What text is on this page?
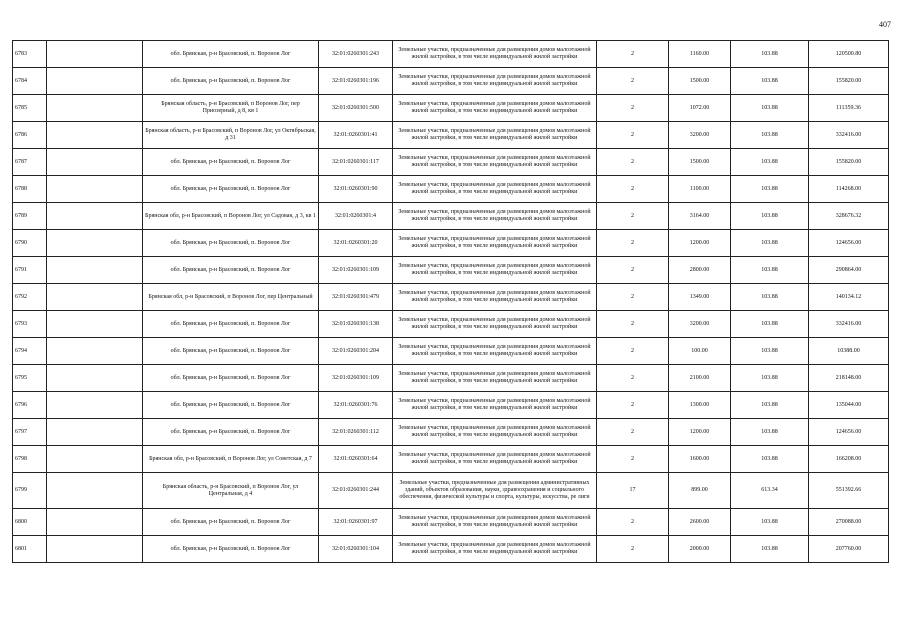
407
6783		обл. Брянская, р-н Брасовский, п. Воронов Лог	32:01:0260301:243	Земельные участки, предназначенные для размещения домов малоэтажной жилой застройки, в том числе индивидуальной жилой застройки	2	1160.00	103.88	120500.80
6784		обл. Брянская, р-н Брасовский, п. Воронов Лог	32:01:0260301:196	Земельные участки, предназначенные для размещения домов малоэтажной жилой застройки, в том числе индивидуальной жилой застройки	2	1500.00	103.88	155820.00
6785		Брянская область, р-н Брасовский, п Воронов Лог, пер Приозерный, д 8, кв 1	32:01:0260301:500	Земельные участки, предназначенные для размещения домов малоэтажной жилой застройки, в том числе индивидуальной жилой застройки	2	1072.00	103.88	111359.36
6786		Брянская область, р-н Брасовский, п Воронов Лог, ул Октябрьская, д 31	32:01:0260301:41	Земельные участки, предназначенные для размещения домов малоэтажной жилой застройки, в том числе индивидуальной жилой застройки	2	3200.00	103.88	332416.00
6787		обл. Брянская, р-н Брасовский, п. Воронов Лог	32:01:0260301:117	Земельные участки, предназначенные для размещения домов малоэтажной жилой застройки, в том числе индивидуальной жилой застройки	2	1500.00	103.88	155820.00
6788		обл. Брянская, р-н Брасовский, п. Воронов Лог	32:01:0260301:90	Земельные участки, предназначенные для размещения домов малоэтажной жилой застройки, в том числе индивидуальной жилой застройки	2	1100.00	103.88	114268.00
6789		Брянская обл, р-н Брасовский, п Воронов Лог, ул Садовая, д 3, кв 1	32:01:0260301:4	Земельные участки, предназначенные для размещения домов малоэтажной жилой застройки, в том числе индивидуальной жилой застройки	2	3164.00	103.88	328676.32
6790		обл. Брянская, р-н Брасовский, п. Воронов Лог	32:01:0260301:20	Земельные участки, предназначенные для размещения домов малоэтажной жилой застройки, в том числе индивидуальной жилой застройки	2	1200.00	103.88	124656.00
6791		обл. Брянская, р-н Брасовский, п. Воронов Лог	32:01:0260301:109	Земельные участки, предназначенные для размещения домов малоэтажной жилой застройки, в том числе индивидуальной жилой застройки	2	2800.00	103.88	290864.00
6792		Брянская обл, р-н Брасовский, п Воронов Лог, пер Центральный	32:01:0260301:479	Земельные участки, предназначенные для размещения домов малоэтажной жилой застройки, в том числе индивидуальной жилой застройки	2	1349.00	103.88	140134.12
6793		обл. Брянская, р-н Брасовский, п. Воронов Лог	32:01:0260301:138	Земельные участки, предназначенные для размещения домов малоэтажной жилой застройки, в том числе индивидуальной жилой застройки	2	3200.00	103.88	332416.00
6794		обл. Брянская, р-н Брасовский, п. Воронов Лог	32:01:0260301:204	Земельные участки, предназначенные для размещения домов малоэтажной жилой застройки, в том числе индивидуальной жилой застройки	2	100.00	103.88	10388.00
6795		обл. Брянская, р-н Брасовский, п. Воронов Лог	32:01:0260301:109	Земельные участки, предназначенные для размещения домов малоэтажной жилой застройки, в том числе индивидуальной жилой застройки	2	2100.00	103.88	218148.00
6796		обл. Брянская, р-н Брасовский, п. Воронов Лог	32:01:0260301:76	Земельные участки, предназначенные для размещения домов малоэтажной жилой застройки, в том числе индивидуальной жилой застройки	2	1300.00	103.88	135044.00
6797		обл. Брянская, р-н Брасовский, п. Воронов Лог	32:01:0260301:112	Земельные участки, предназначенные для размещения домов малоэтажной жилой застройки, в том числе индивидуальной жилой застройки	2	1200.00	103.88	124656.00
6798		Брянская обл, р-н Брасовский, п Воронов Лог, ул Советская, д 7	32:01:0260301:64	Земельные участки, предназначенные для размещения домов малоэтажной жилой застройки, в том числе индивидуальной жилой застройки	2	1600.00	103.88	166208.00
6799		Брянская область, р-н Брасовский, п Воронов Лог, ул Центральная, д 4	32:01:0260301:244	Земельные участки, предназначенные для размещения административных зданий, объектов образования, науки, здравоохранения и социального обеспечения, физической культуры и спорта, культуры, искусства, ре лиги	17	899.00	613.34	551392.66
6800		обл. Брянская, р-н Брасовский, п. Воронов Лог	32:01:0260301:97	Земельные участки, предназначенные для размещения домов малоэтажной жилой застройки, в том числе индивидуальной жилой застройки	2	2600.00	103.88	270088.00
6801		обл. Брянская, р-н Брасовский, п. Воронов Лог	32:01:0260301:104	Земельные участки, предназначенные для размещения домов малоэтажной жилой застройки, в том числе индивидуальной жилой застройки	2	2000.00	103.88	207760.00
